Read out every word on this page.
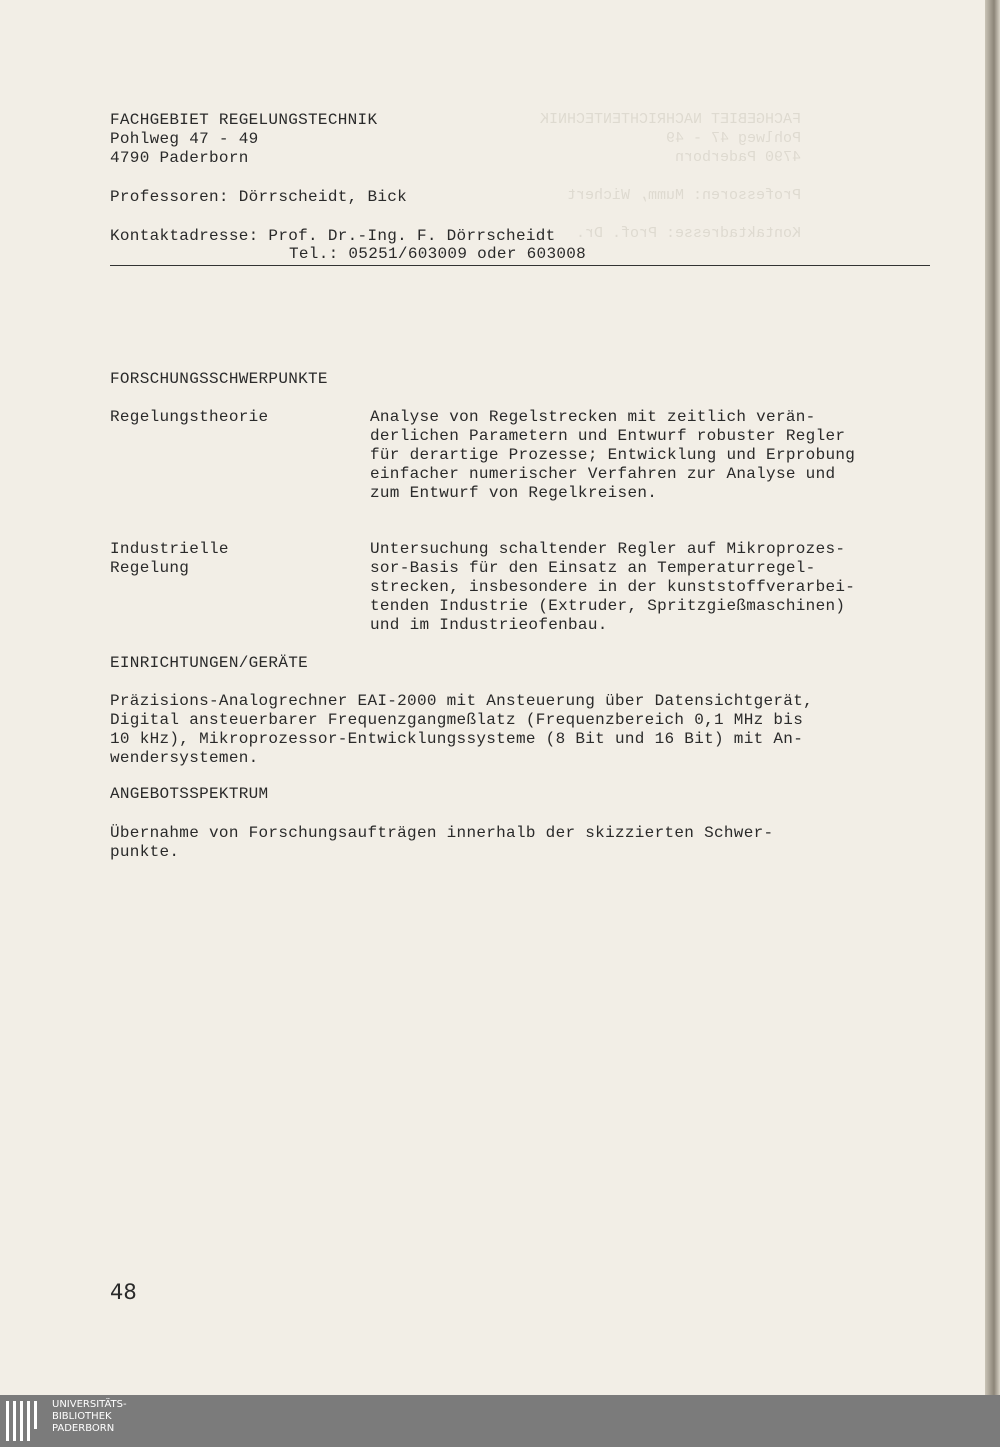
FACHGEBIET NACHRICHTENTECHNIK
Pohlweg 47 - 49
4790 Paderborn

Professoren: Mumm, Wichert

Kontaktadresse: Prof. Dr.
FACHGEBIET REGELUNGSTECHNIK
Pohlweg 47 - 49
4790 Paderborn
Professoren: Dörrscheidt, Bick
Kontaktadresse: Prof. Dr.-Ing. F. Dörrscheidt
Tel.: 05251/603009 oder 603008
FORSCHUNGSSCHWERPUNKTE
Regelungstheorie	Analyse von Regelstrecken mit zeitlich verän-
derlichen Parametern und Entwurf robuster Regler
für derartige Prozesse; Entwicklung und Erprobung
einfacher numerischer Verfahren zur Analyse und
zum Entwurf von Regelkreisen.
Industrielle
Regelung
Untersuchung schaltender Regler auf Mikroprozes-
sor-Basis für den Einsatz an Temperaturregel-
strecken, insbesondere in der kunststoffverarbei-
tenden Industrie (Extruder, Spritzgießmaschinen)
und im Industrieofenbau.
EINRICHTUNGEN/GERÄTE
Präzisions-Analogrechner EAI-2000 mit Ansteuerung über Datensichtgerät,
Digital ansteuerbarer Frequenzgangmeßlatz (Frequenzbereich 0,1 MHz bis
10 kHz), Mikroprozessor-Entwicklungssysteme (8 Bit und 16 Bit) mit An-
wendersystemen.
ANGEBOTSSPEKTRUM
Übernahme von Forschungsaufträgen innerhalb der skizzierten Schwer-
punkte.
48
UNIVERSITÄTS-
BIBLIOTHEK
PADERBORN
